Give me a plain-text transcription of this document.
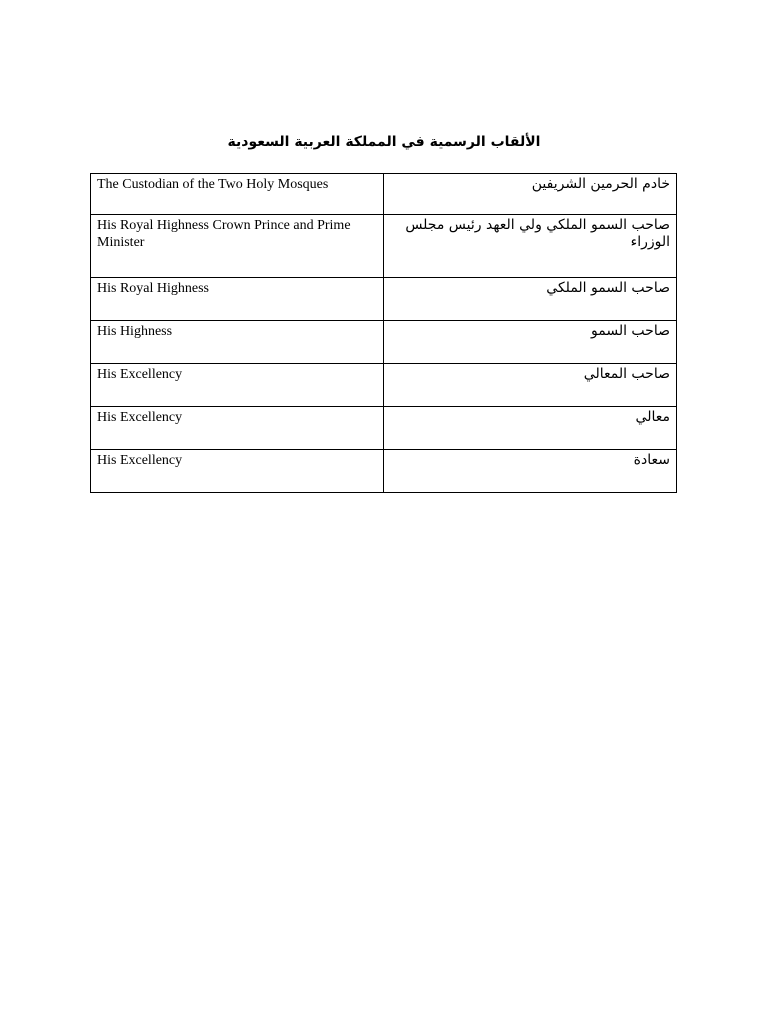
الألقاب الرسمية في المملكة العربية السعودية
The Custodian of the Two Holy Mosques	خادم الحرمين الشريفين
His Royal Highness Crown Prince and Prime Minister	صاحب السمو الملكي ولي العهد رئيس مجلس الوزراء
His Royal Highness	صاحب السمو الملكي
His Highness	صاحب السمو
His Excellency	صاحب المعالي
His Excellency	معالي
His Excellency	سعادة
